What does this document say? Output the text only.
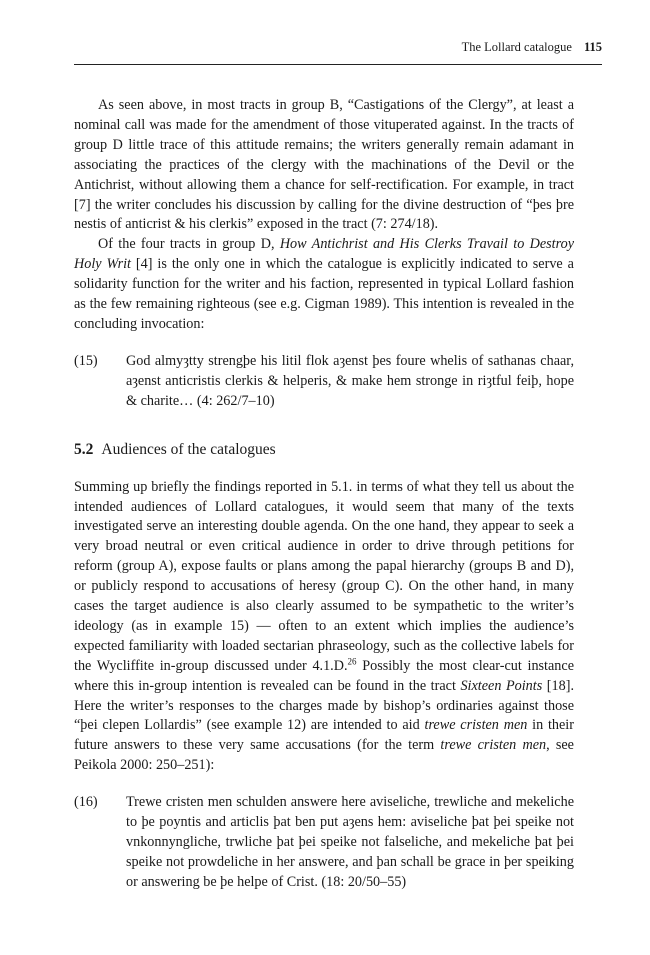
The Lollard catalogue 115

As seen above, in most tracts in group B, “Castigations of the Clergy”, at least a nominal call was made for the amendment of those vituperated against. In the tracts of group D little trace of this attitude remains; the writers generally remain adamant in associating the practices of the clergy with the machinations of the Devil or the Antichrist, without allowing them a chance for self-rectification. For example, in tract [7] the writer concludes his discussion by calling for the divine destruction of “þes þre nestis of anticrist & his clerkis” exposed in the tract (7: 274/18).

Of the four tracts in group D, How Antichrist and His Clerks Travail to Destroy Holy Writ [4] is the only one in which the catalogue is explicitly indicated to serve a solidarity function for the writer and his faction, represented in typical Lollard fashion as the few remaining righteous (see e.g. Cigman 1989). This intention is revealed in the concluding invocation:

(15)	God almyȝtty strengþe his litil flok aȝenst þes foure whelis of sathanas chaar, aȝenst anticristis clerkis & helperis, & make hem stronge in riȝtful feiþ, hope & charite… (4: 262/7–10)
5.2 Audiences of the catalogues

Summing up briefly the findings reported in 5.1. in terms of what they tell us about the intended audiences of Lollard catalogues, it would seem that many of the texts investigated serve an interesting double agenda. On the one hand, they appear to seek a very broad neutral or even critical audience in order to drive through petitions for reform (group A), expose faults or plans among the papal hierarchy (groups B and D), or publicly respond to accusations of heresy (group C). On the other hand, in many cases the target audience is also clearly assumed to be sympathetic to the writer’s ideology (as in example 15) — often to an extent which implies the audience’s expected familiarity with loaded sectarian phraseology, such as the collective labels for the Wycliffite in-group discussed under 4.1.D.$^{26}$ Possibly the most clear-cut instance where this in-group intention is revealed can be found in the tract Sixteen Points [18]. Here the writer’s responses to the charges made by bishop’s ordinaries against those “þei clepen Lollardis” (see example 12) are intended to aid trewe cristen men in their future answers to these very same accusations (for the term trewe cristen men, see Peikola 2000: 250–251):

(16)	Trewe cristen men schulden answere here aviseliche, trewliche and mekeliche to þe poyntis and articlis þat ben put aȝens hem: aviseliche þat þei speike not vnkonnyngliche, trwliche þat þei speike not falseliche, and mekeliche þat þei speike not prowdeliche in her answere, and þan schall be grace in þer speiking or answering be þe helpe of Crist. (18: 20/50–55)
